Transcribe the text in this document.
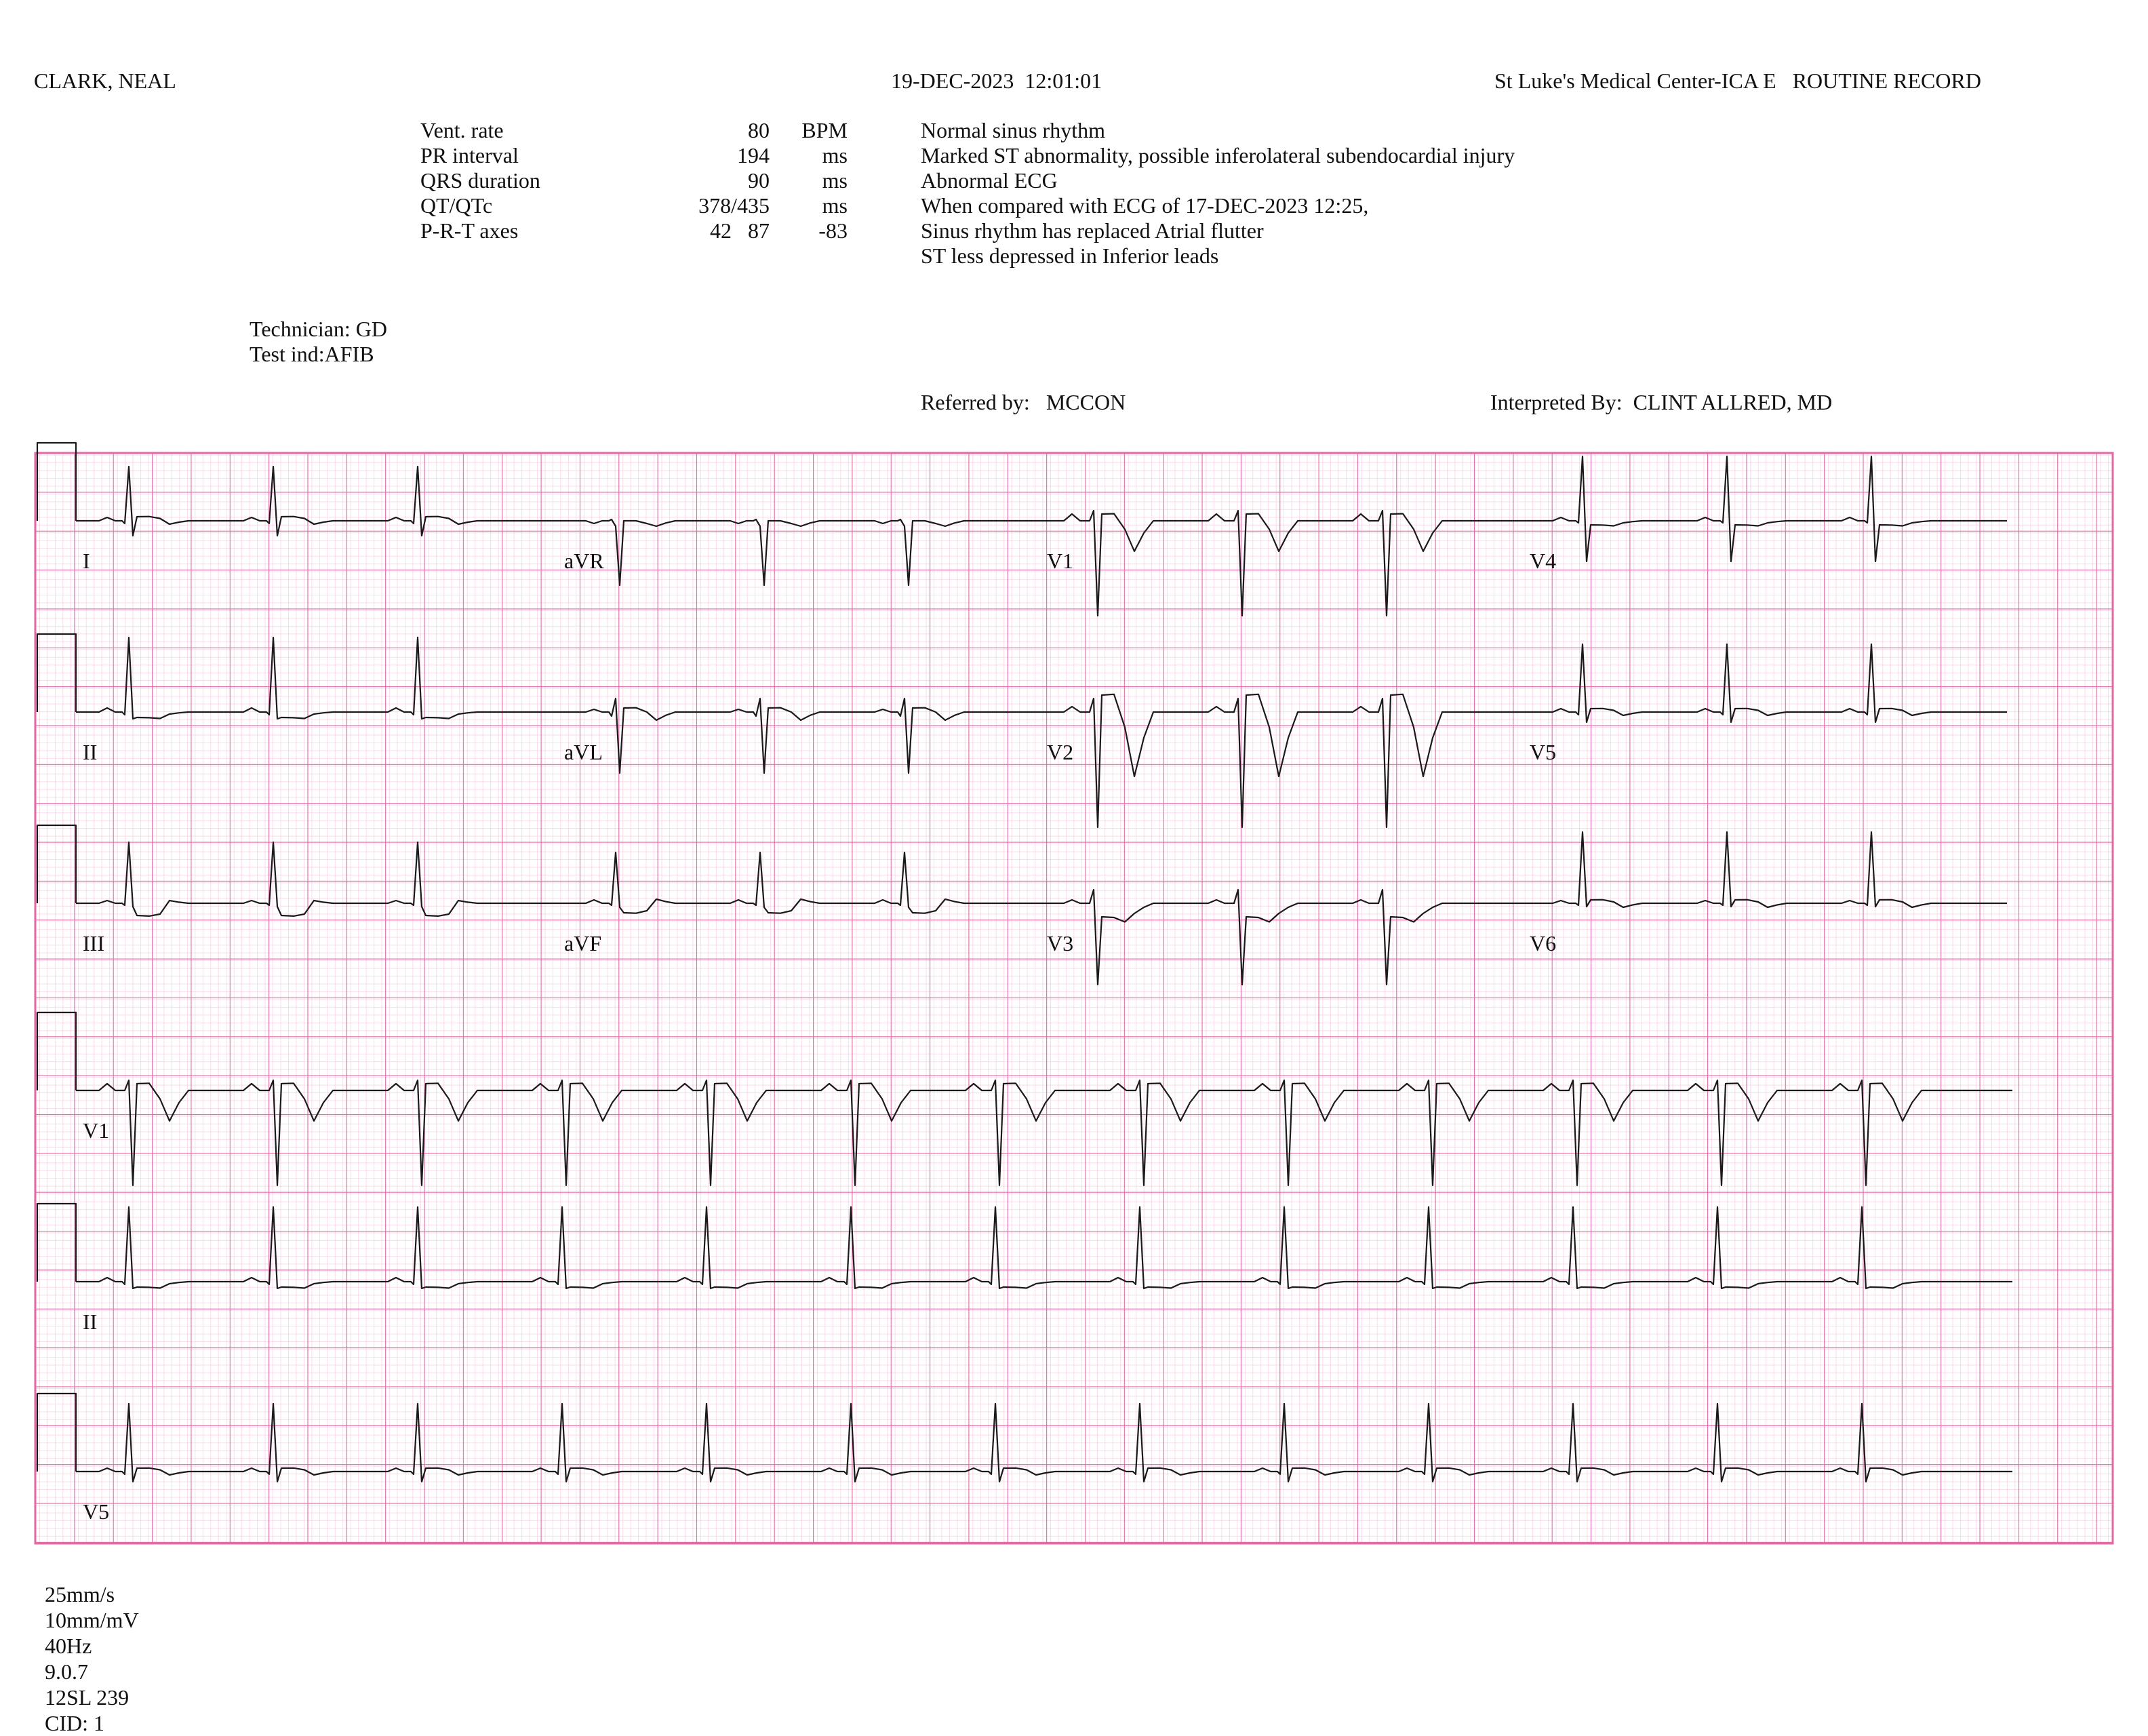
CLARK, NEAL	19-DEC-2023  12:01:01	St Luke's Medical Center-ICA E   ROUTINE RECORD
Vent. rate	80 BPM
PR interval	194 ms
QRS duration	90 ms
QT/QTc	378/435 ms
P-R-T axes	42   87 -83
Normal sinus rhythm
Marked ST abnormality, possible inferolateral subendocardial injury
Abnormal ECG
When compared with ECG of 17-DEC-2023 12:25,
Sinus rhythm has replaced Atrial flutter
ST less depressed in Inferior leads
Technician: GD
Test ind:AFIB
Referred by:   MCCON	Interpreted By:  CLINT ALLRED, MD
I	aVR	V1	V4
II	aVL	V2	V5
III	aVF	V3	V6
V1
II
V5

25mm/s
10mm/mV
40Hz
9.0.7
12SL 239
CID: 1
